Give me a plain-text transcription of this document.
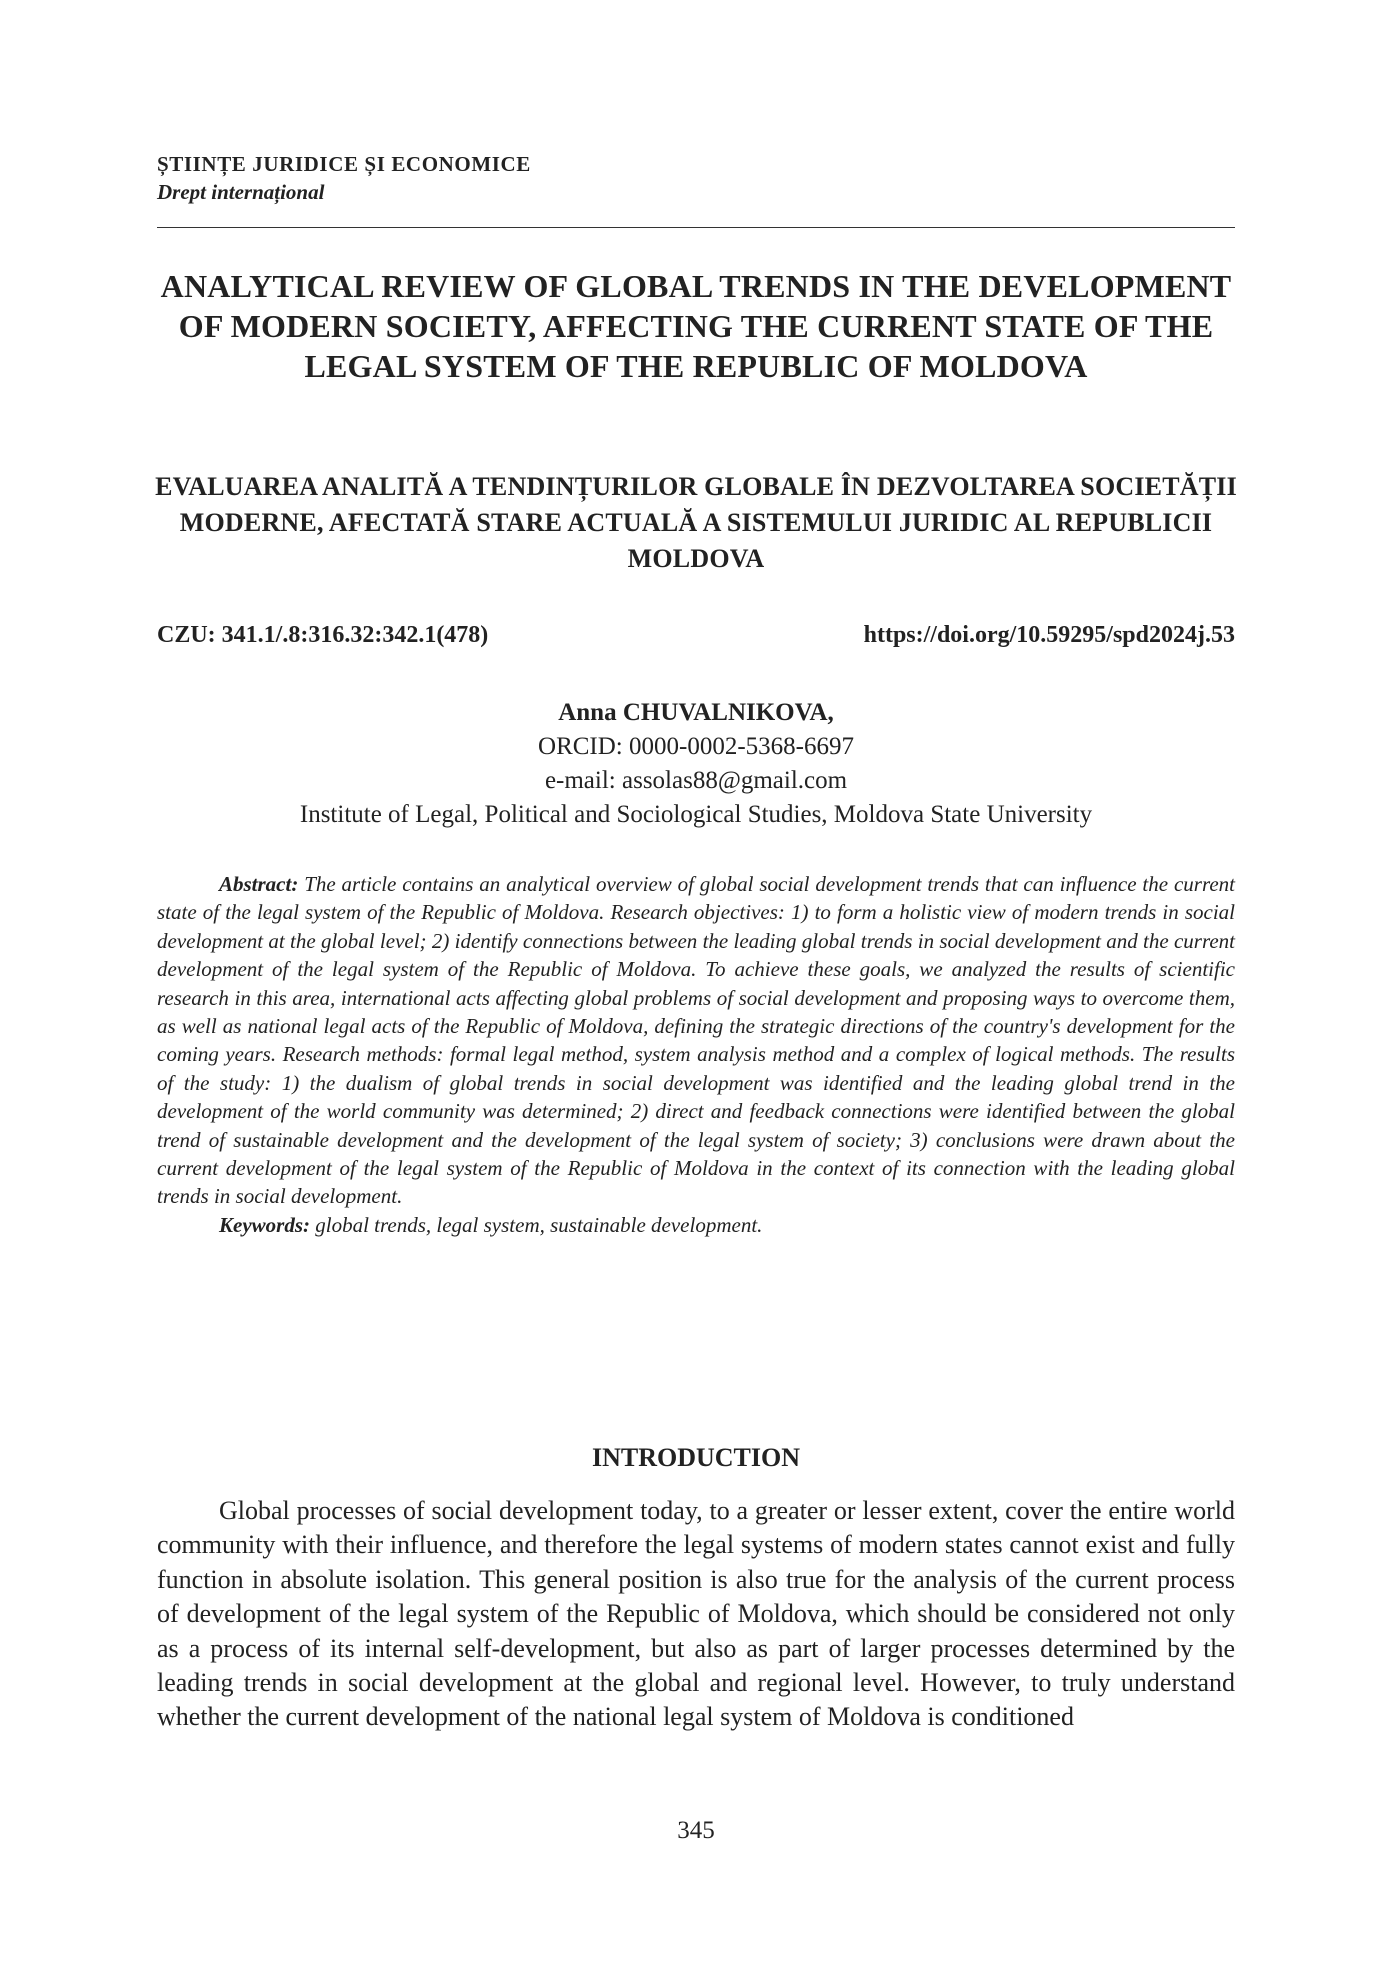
ȘTIINȚE JURIDICE ȘI ECONOMICE
Drept internațional
ANALYTICAL REVIEW OF GLOBAL TRENDS IN THE DEVELOPMENT OF MODERN SOCIETY, AFFECTING THE CURRENT STATE OF THE LEGAL SYSTEM OF THE REPUBLIC OF MOLDOVA
EVALUAREA ANALITĂ A TENDINȚURILOR GLOBALE ÎN DEZVOLTAREA SOCIETĂȚII MODERNE, AFECTATĂ STARE ACTUALĂ A SISTEMULUI JURIDIC AL REPUBLICII MOLDOVA
CZU: 341.1/.8:316.32:342.1(478)	https://doi.org/10.59295/spd2024j.53
Anna CHUVALNIKOVA,
ORCID: 0000-0002-5368-6697
e-mail: assolas88@gmail.com
Institute of Legal, Political and Sociological Studies, Moldova State University

Abstract: The article contains an analytical overview of global social development trends that can influence the current state of the legal system of the Republic of Moldova. Research objectives: 1) to form a holistic view of modern trends in social development at the global level; 2) identify connections between the leading global trends in social development and the current development of the legal system of the Republic of Moldova. To achieve these goals, we analyzed the results of scientific research in this area, international acts affecting global problems of social development and proposing ways to overcome them, as well as national legal acts of the Republic of Moldova, defining the strategic directions of the country's development for the coming years. Research methods: formal legal method, system analysis method and a complex of logical methods. The results of the study: 1) the dualism of global trends in social development was identified and the leading global trend in the development of the world community was determined; 2) direct and feedback connections were identified between the global trend of sustainable development and the development of the legal system of society; 3) conclusions were drawn about the current development of the legal system of the Republic of Moldova in the context of its connection with the leading global trends in social development.

Keywords: global trends, legal system, sustainable development.

INTRODUCTION

Global processes of social development today, to a greater or lesser extent, cover the entire world community with their influence, and therefore the legal systems of modern states cannot exist and fully function in absolute isolation. This general position is also true for the analysis of the current process of development of the legal system of the Republic of Moldova, which should be considered not only as a process of its internal self-development, but also as part of larger processes determined by the leading trends in social development at the global and regional level. However, to truly understand whether the current development of the national legal system of Moldova is conditioned

345
